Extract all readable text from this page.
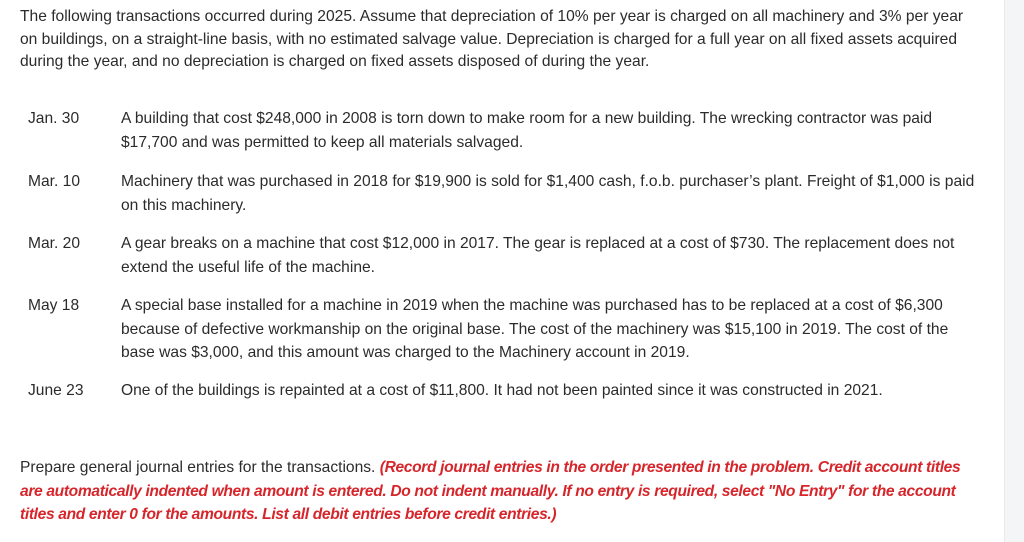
The following transactions occurred during 2025. Assume that depreciation of 10% per year is charged on all machinery and 3% per year on buildings, on a straight-line basis, with no estimated salvage value. Depreciation is charged for a full year on all fixed assets acquired during the year, and no depreciation is charged on fixed assets disposed of during the year.

Jan. 30	A building that cost $248,000 in 2008 is torn down to make room for a new building. The wrecking contractor was paid $17,700 and was permitted to keep all materials salvaged.
Mar. 10	Machinery that was purchased in 2018 for $19,900 is sold for $1,400 cash, f.o.b. purchaser’s plant. Freight of $1,000 is paid on this machinery.
Mar. 20	A gear breaks on a machine that cost $12,000 in 2017. The gear is replaced at a cost of $730. The replacement does not extend the useful life of the machine.
May 18	A special base installed for a machine in 2019 when the machine was purchased has to be replaced at a cost of $6,300 because of defective workmanship on the original base. The cost of the machinery was $15,100 in 2019. The cost of the base was $3,000, and this amount was charged to the Machinery account in 2019.
June 23	One of the buildings is repainted at a cost of $11,800. It had not been painted since it was constructed in 2021.

Prepare general journal entries for the transactions. (Record journal entries in the order presented in the problem. Credit account titles are automatically indented when amount is entered. Do not indent manually. If no entry is required, select "No Entry" for the account titles and enter 0 for the amounts. List all debit entries before credit entries.)
